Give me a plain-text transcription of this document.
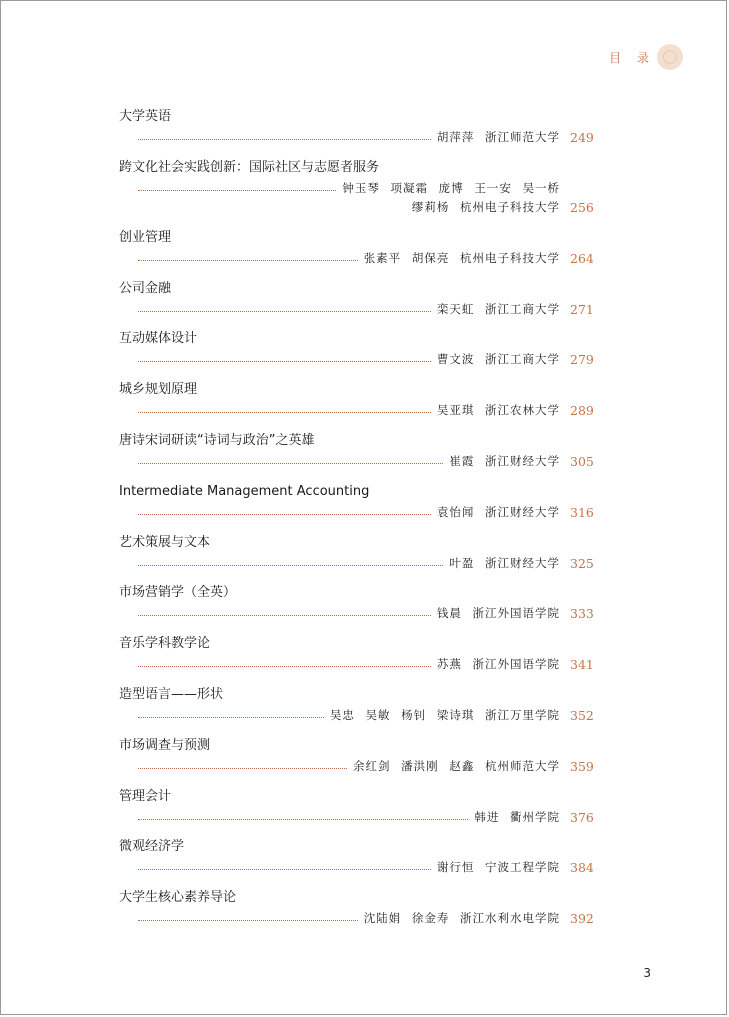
目 录
大学英语
胡萍萍 浙江师范大学 249
跨文化社会实践创新：国际社区与志愿者服务
钟玉琴 项凝霜 庞博 王一安 吴一桥
缪莉杨 杭州电子科技大学 256
创业管理
张素平 胡保亮 杭州电子科技大学 264
公司金融
栾天虹 浙江工商大学 271
互动媒体设计
曹文波 浙江工商大学 279
城乡规划原理
吴亚琪 浙江农林大学 289
唐诗宋词研读“诗词与政治”之英雄
崔霞 浙江财经大学 305
Intermediate Management Accounting
袁怡闻 浙江财经大学 316
艺术策展与文本
叶盈 浙江财经大学 325
市场营销学（全英）
钱晨 浙江外国语学院 333
音乐学科教学论
苏燕 浙江外国语学院 341
造型语言——形状
吴忠 吴敏 杨钊 梁诗琪 浙江万里学院 352
市场调查与预测
余红剑 潘洪刚 赵鑫 杭州师范大学 359
管理会计
韩进 衢州学院 376
微观经济学
谢行恒 宁波工程学院 384
大学生核心素养导论
沈陆娟 徐金寿 浙江水利水电学院 392
3
